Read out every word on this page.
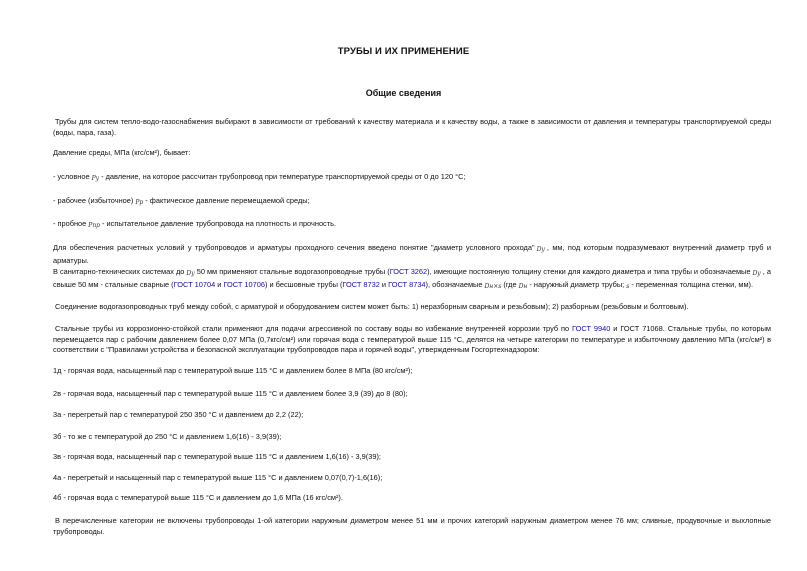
ТРУБЫ И ИХ ПРИМЕНЕНИЕ
Общие сведения
Трубы для систем тепло-водо-газоснабжения выбирают в зависимости от требований к качеству материала и к качеству воды, а также в зависимости от давления и температуры транспортируемой среды (воды, пара, газа).
Давление среды, МПа (кгс/см²), бывает:
- условное Pу - давление, на которое рассчитан трубопровод при температуре транспортируемой среды от 0 до 120 °С;
- рабочее (избыточное) Pр - фактическое давление перемещаемой среды;
- пробное Pпр - испытательное давление трубопровода на плотность и прочность.
Для обеспечения расчетных условий у трубопроводов и арматуры проходного сечения введено понятие "диаметр условного прохода" Dу , мм, под которым подразумевают внутренний диаметр труб и арматуры.
В санитарно-технических системах до Dу 50 мм применяют стальные водогазопроводные трубы (ГОСТ 3262), имеющие постоянную толщину стенки для каждого диаметра и типа трубы и обозначаемые Dу , а свыше 50 мм - стальные сварные (ГОСТ 10704 и ГОСТ 10706) и бесшовные трубы (ГОСТ 8732 и ГОСТ 8734), обозначаемые Dн×s (где Dн - наружный диаметр трубы; s - переменная толщина стенки, мм).
Соединение водогазопроводных труб между собой, с арматурой и оборудованием систем может быть: 1) неразборным сварным и резьбовым); 2) разборным (резьбовым и болтовым).
Стальные трубы из коррозионно-стойкой стали применяют для подачи агрессивной по составу воды во избежание внутренней коррозии труб по ГОСТ 9940 и ГОСТ 71068. Стальные трубы, по которым перемещается пар с рабочим давлением более 0,07 МПа (0,7кгс/см²) или горячая вода с температурой выше 115 °С, делятся на четыре категории по температуре и избыточному давлению МПа (кгс/см²) в соответствии с "Правилами устройства и безопасной эксплуатации трубопроводов пара и горячей воды", утвержденным Госгортехнадзором:
1д - горячая вода, насыщенный пар с температурой выше 115 °С и давлением более 8 МПа (80 кгс/см²);
2в - горячая вода, насыщенный пар с температурой выше 115 °С и давлением более 3,9 (39) до 8 (80);
3а - перегретый пар с температурой 250 350 °С и давлением до 2,2 (22);
3б - то же с температурой до 250 °С и давлением 1,6(16) - 3,9(39);
3в - горячая вода, насыщенный пар с температурой выше 115 °С и давлением 1,6(16) - 3,9(39);
4а - перегретый и насыщенный пар с температурой выше 115 °С и давлением 0,07(0,7)-1,6(16);
4б - горячая вода с температурой выше 115 °С и давлением до 1,6 МПа (16 кгс/см²).
В перечисленные категории не включены трубопроводы 1-ой категории наружным диаметром менее 51 мм и прочих категорий наружным диаметром менее 76 мм; сливные, продувочные и выхлопные трубопроводы.
